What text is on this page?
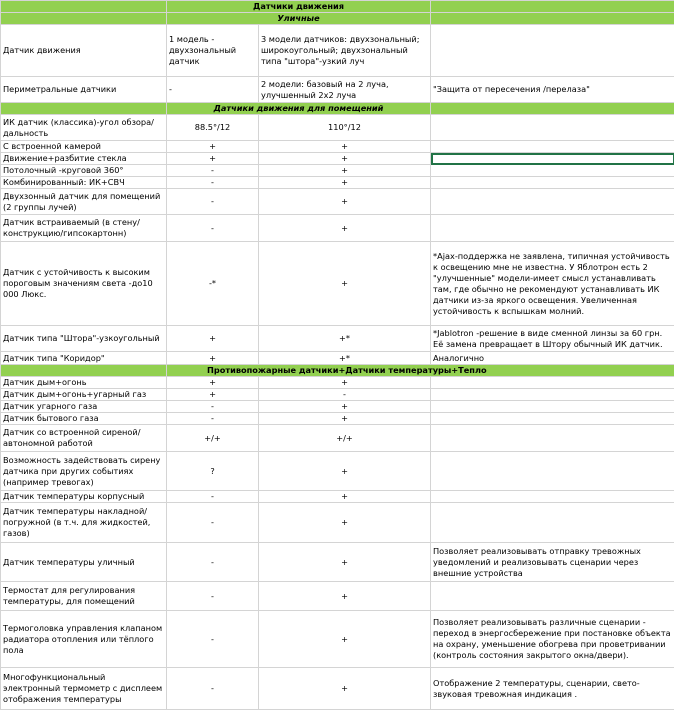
	Датчики движения		
	Уличные		
Датчик движения	1 модель - двухзональный датчик	3 модели датчиков: двухзональный; широкоугольный; двухзональный типа "штора"-узкий луч	
Периметральные датчики	-	2 модели: базовый на 2 луча, улучшенный 2х2 луча	"Защита от пересечения /перелаза"
	Датчики движения для помещений		
ИК датчик (классика)-угол обзора/дальность	88.5°/12	110°/12	
С встроенной камерой	+	+	
Движение+разбитие стекла	+	+	
Потолочный -круговой 360°	-	+	
Комбинированный: ИК+СВЧ	-	+	
Двухзонный датчик для помещений (2 группы лучей)	-	+	
Датчик встраиваемый (в стену/конструкцию/гипсокартонн)	-	+	
Датчик с устойчивость к высоким пороговым значениям света -до10 000 Люкс.	-*	+	*Ajax-поддержка не заявлена, типичная устойчивость к освещению мне не известна. У Яблотрон есть 2 "улучшенные" модели-имеет смысл устанавливать там, где обычно не рекомендуют устанавливать ИК датчики из-за яркого освещения. Увеличенная устойчивость к вспышкам молний.
Датчик типа "Штора"-узкоугольный	+	+*	*Jablotron -решение в виде сменной линзы за 60 грн. Её замена превращает в Штору обычный ИК датчик.
Датчик типа "Коридор"	+	+*	Аналогично
	Противопожарные датчики+Датчики температуры+Тепло		
Датчик дым+огонь	+	+	
Датчик дым+огонь+угарный газ	+	-	
Датчик угарного газа	-	+	
Датчик бытового газа	-	+	
Датчик со встроенной сиреной/автономной работой	+/+	+/+	
Возможность задействовать сирену датчика при других событиях (например тревогах)	?	+	
Датчик температуры корпусный	-	+	
Датчик температуры накладной/погружной (в т.ч. для жидкостей, газов)	-	+	
Датчик температуры уличный	-	+	Позволяет реализовывать отправку тревожных уведомлений и реализовывать сценарии через внешние устройства
Термостат для регулирования температуры, для помещений	-	+	
Термоголовка управления клапаном радиатора отопления или тёплого пола	-	+	Позволяет реализовывать различные сценарии - переход в энергосбережение при постановке объекта на охрану, уменьшение обогрева при проветривании (контроль состояния закрытого окна/двери).
Многофункциональный электронный термометр с дисплеем отображения температуры	-	+	Отображение 2 температуры, сценарии, свето-звуковая тревожная индикация .
